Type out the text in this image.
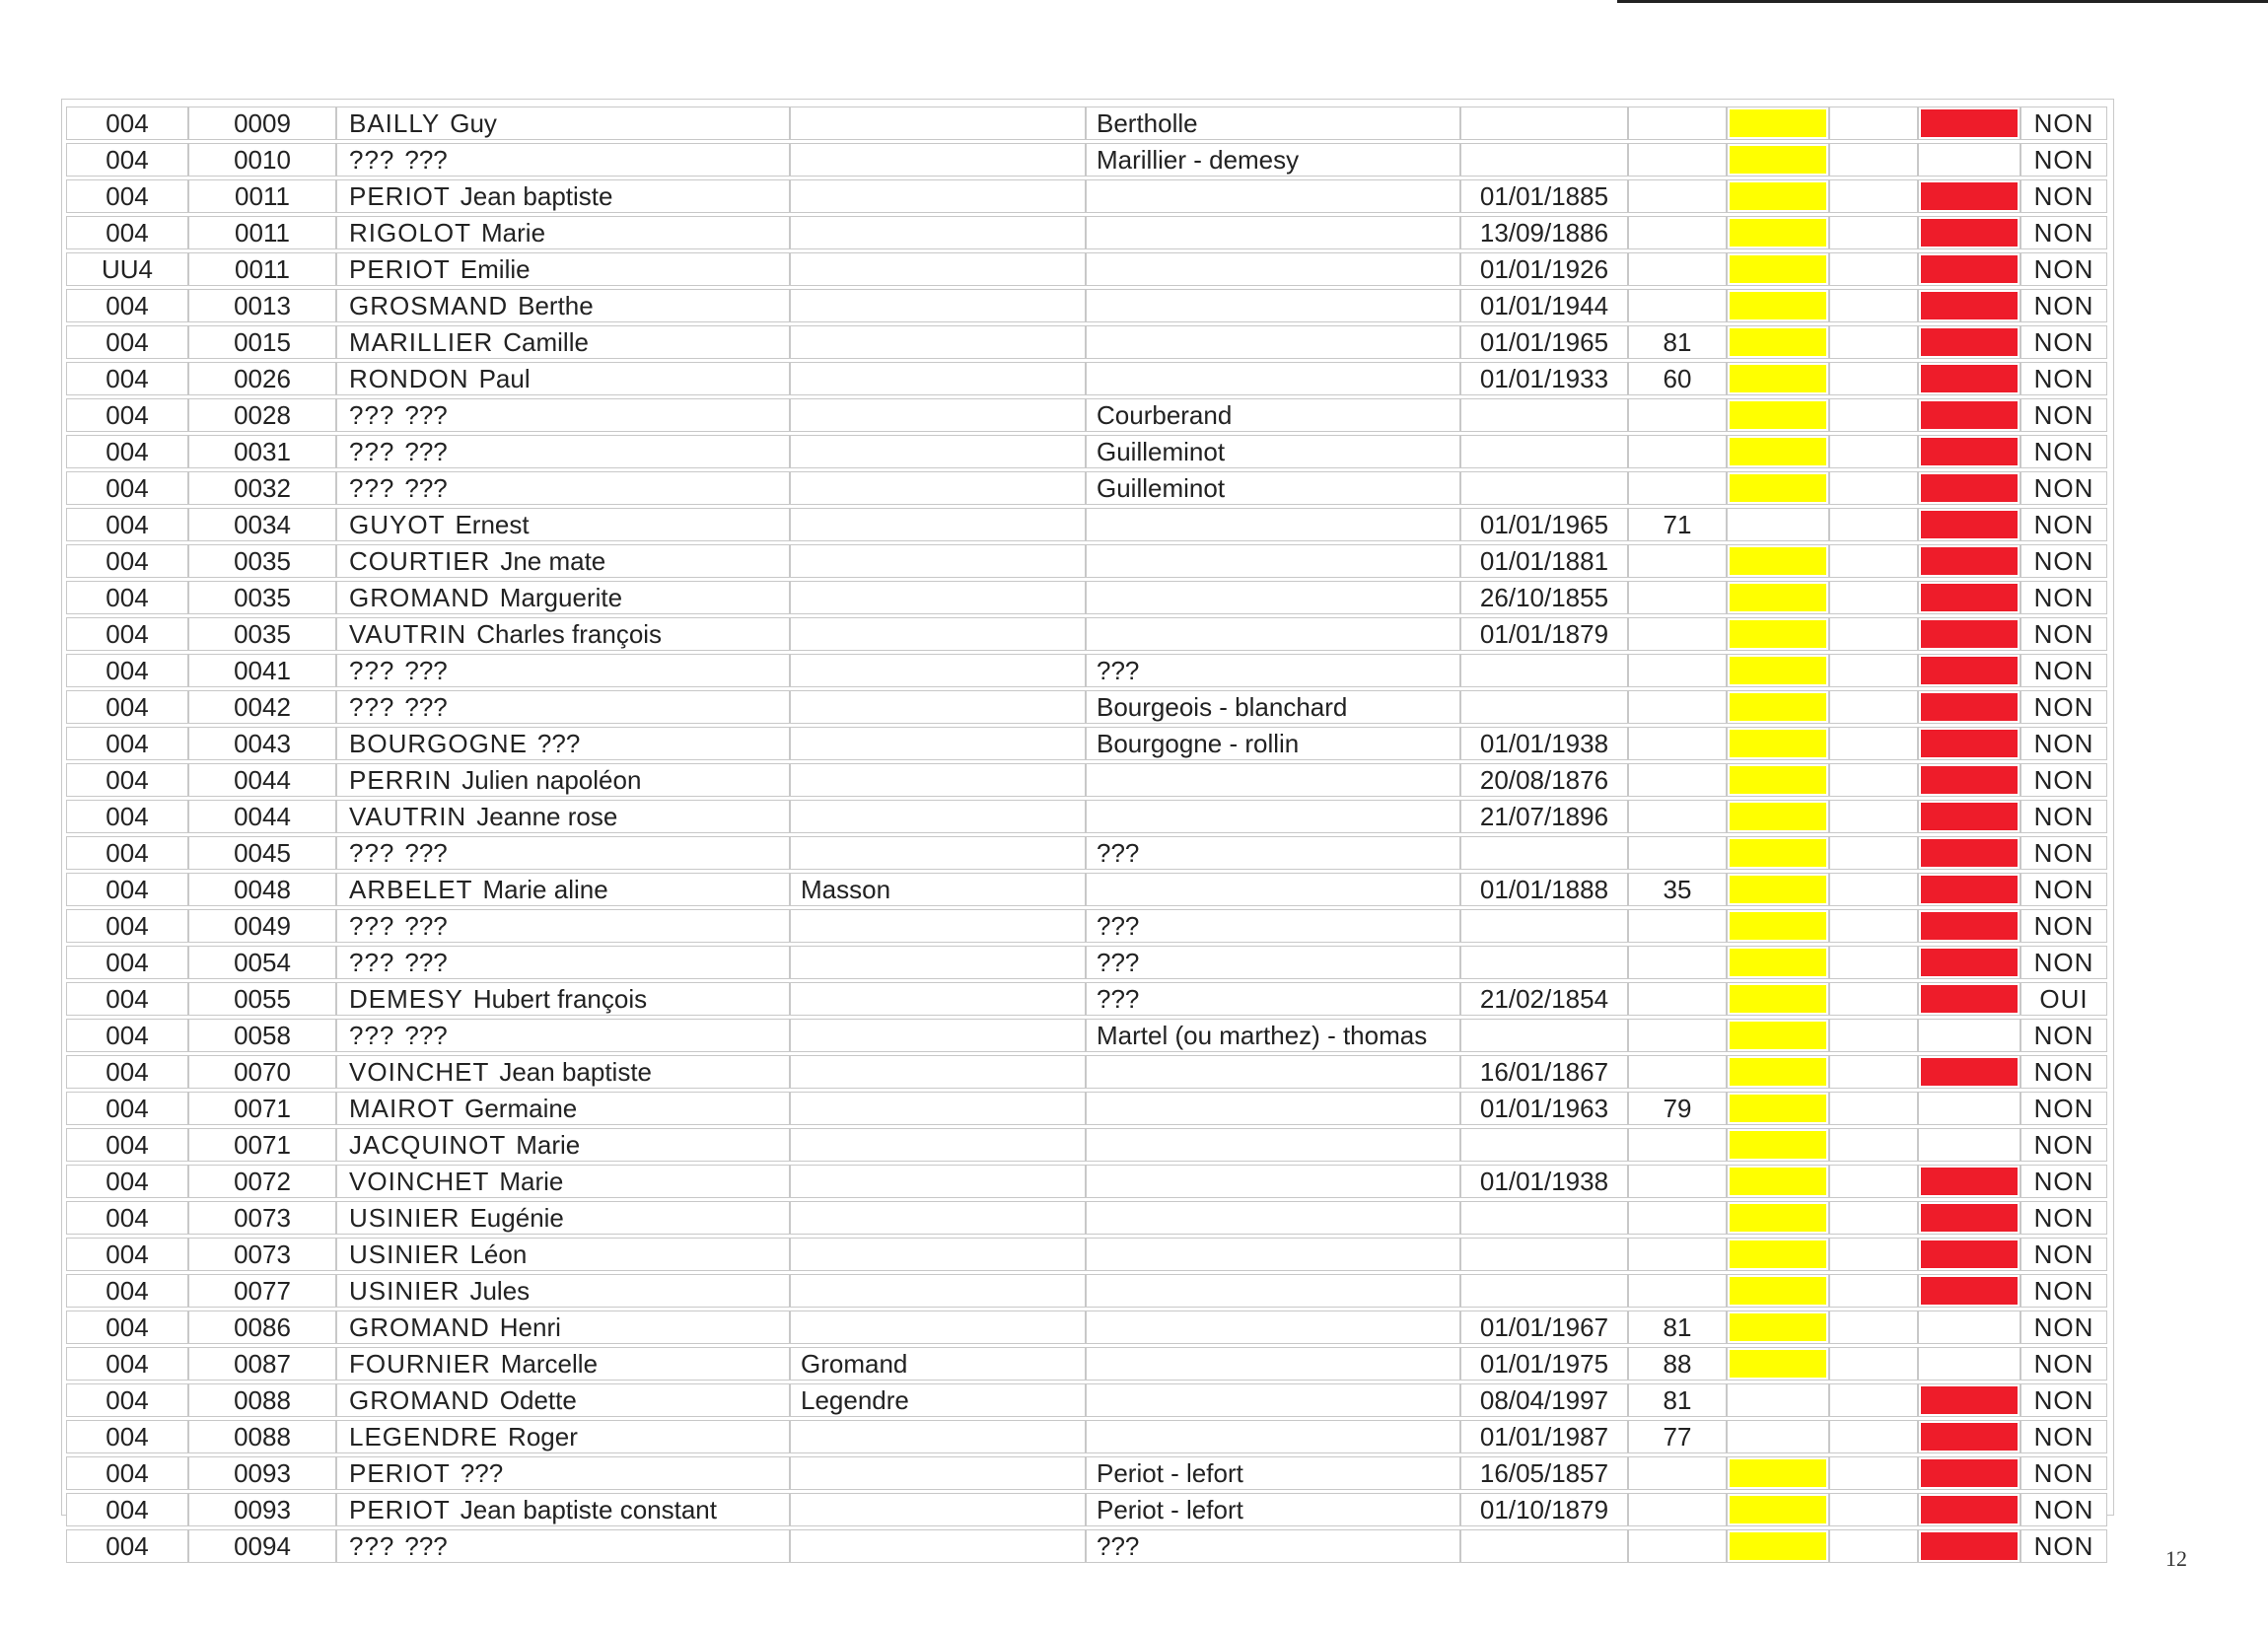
004	0009	BAILLY Guy		Bertholle						NON
004	0010	??? ???		Marillier - demesy						NON
004	0011	PERIOT Jean baptiste			01/01/1885					NON
004	0011	RIGOLOT Marie			13/09/1886					NON
UU4	0011	PERIOT Emilie			01/01/1926					NON
004	0013	GROSMAND Berthe			01/01/1944					NON
004	0015	MARILLIER Camille			01/01/1965	81				NON
004	0026	RONDON Paul			01/01/1933	60				NON
004	0028	??? ???		Courberand						NON
004	0031	??? ???		Guilleminot						NON
004	0032	??? ???		Guilleminot						NON
004	0034	GUYOT Ernest			01/01/1965	71				NON
004	0035	COURTIER Jne mate			01/01/1881					NON
004	0035	GROMAND Marguerite			26/10/1855					NON
004	0035	VAUTRIN Charles françois			01/01/1879					NON
004	0041	??? ???		???						NON
004	0042	??? ???		Bourgeois - blanchard						NON
004	0043	BOURGOGNE ???		Bourgogne - rollin	01/01/1938					NON
004	0044	PERRIN Julien napoléon			20/08/1876					NON
004	0044	VAUTRIN Jeanne rose			21/07/1896					NON
004	0045	??? ???		???						NON
004	0048	ARBELET Marie aline	Masson		01/01/1888	35				NON
004	0049	??? ???		???						NON
004	0054	??? ???		???						NON
004	0055	DEMESY Hubert françois		???	21/02/1854					OUI
004	0058	??? ???		Martel (ou marthez) - thomas						NON
004	0070	VOINCHET Jean baptiste			16/01/1867					NON
004	0071	MAIROT Germaine			01/01/1963	79				NON
004	0071	JACQUINOT Marie								NON
004	0072	VOINCHET Marie			01/01/1938					NON
004	0073	USINIER Eugénie								NON
004	0073	USINIER Léon								NON
004	0077	USINIER Jules								NON
004	0086	GROMAND Henri			01/01/1967	81				NON
004	0087	FOURNIER Marcelle	Gromand		01/01/1975	88				NON
004	0088	GROMAND Odette	Legendre		08/04/1997	81				NON
004	0088	LEGENDRE Roger			01/01/1987	77				NON
004	0093	PERIOT ???		Periot - lefort	16/05/1857					NON
004	0093	PERIOT Jean baptiste constant		Periot - lefort	01/10/1879					NON
004	0094	??? ???		???						NON	12
